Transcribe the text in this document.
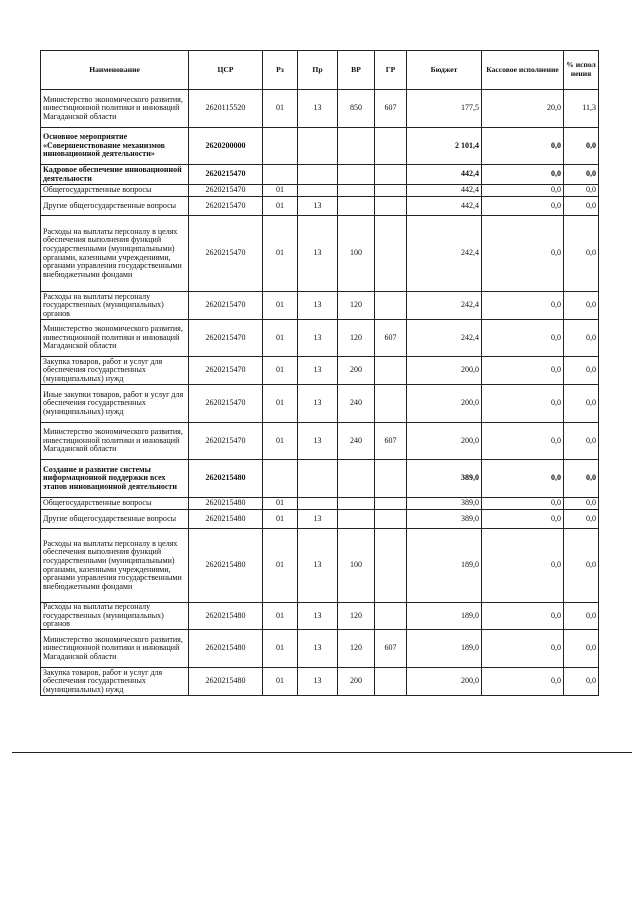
Наименование	ЦСР	Рз	Пр	ВР	ГР	Бюджет	Кассовое исполнение	% испол нения
Министерство экономического развития, инвестиционной политики и инноваций Магаданской области	2620115520	01	13	850	607	177,5	20,0	11,3
Основное мероприятие «Совершенствование механизмов инновационной деятельности»	2620200000					2 101,4	0,0	0,0
Кадровое обеспечение инновационной деятельности	2620215470					442,4	0,0	0,0
Общегосударственные вопросы	2620215470	01				442,4	0,0	0,0
Другие общегосударственные вопросы	2620215470	01	13			442,4	0,0	0,0
Расходы на выплаты персоналу в целях обеспечения выполнения функций государственными (муниципальными) органами, казенными учреждениями, органами управления государственными внебюджетными фондами	2620215470	01	13	100		242,4	0,0	0,0
Расходы на выплаты персоналу государственных (муниципальных) органов	2620215470	01	13	120		242,4	0,0	0,0
Министерство экономического развития, инвестиционной политики и инноваций Магаданской области	2620215470	01	13	120	607	242,4	0,0	0,0
Закупка товаров, работ и услуг для обеспечения государственных (муниципальных) нужд	2620215470	01	13	200		200,0	0,0	0,0
Иные закупки товаров, работ и услуг для обеспечения государственных (муниципальных) нужд	2620215470	01	13	240		200,0	0,0	0,0
Министерство экономического развития, инвестиционной политики и инноваций Магаданской области	2620215470	01	13	240	607	200,0	0,0	0,0
Создание и развитие системы информационной поддержки всех этапов инновационной деятельности	2620215480					389,0	0,0	0,0
Общегосударственные вопросы	2620215480	01				389,0	0,0	0,0
Другие общегосударственные вопросы	2620215480	01	13			389,0	0,0	0,0
Расходы на выплаты персоналу в целях обеспечения выполнения функций государственными (муниципальными) органами, казенными учреждениями, органами управления государственными внебюджетными фондами	2620215480	01	13	100		189,0	0,0	0,0
Расходы на выплаты персоналу государственных (муниципальных) органов	2620215480	01	13	120		189,0	0,0	0,0
Министерство экономического развития, инвестиционной политики и инноваций Магаданской области	2620215480	01	13	120	607	189,0	0,0	0,0
Закупка товаров, работ и услуг для обеспечения государственных (муниципальных) нужд	2620215480	01	13	200		200,0	0,0	0,0
